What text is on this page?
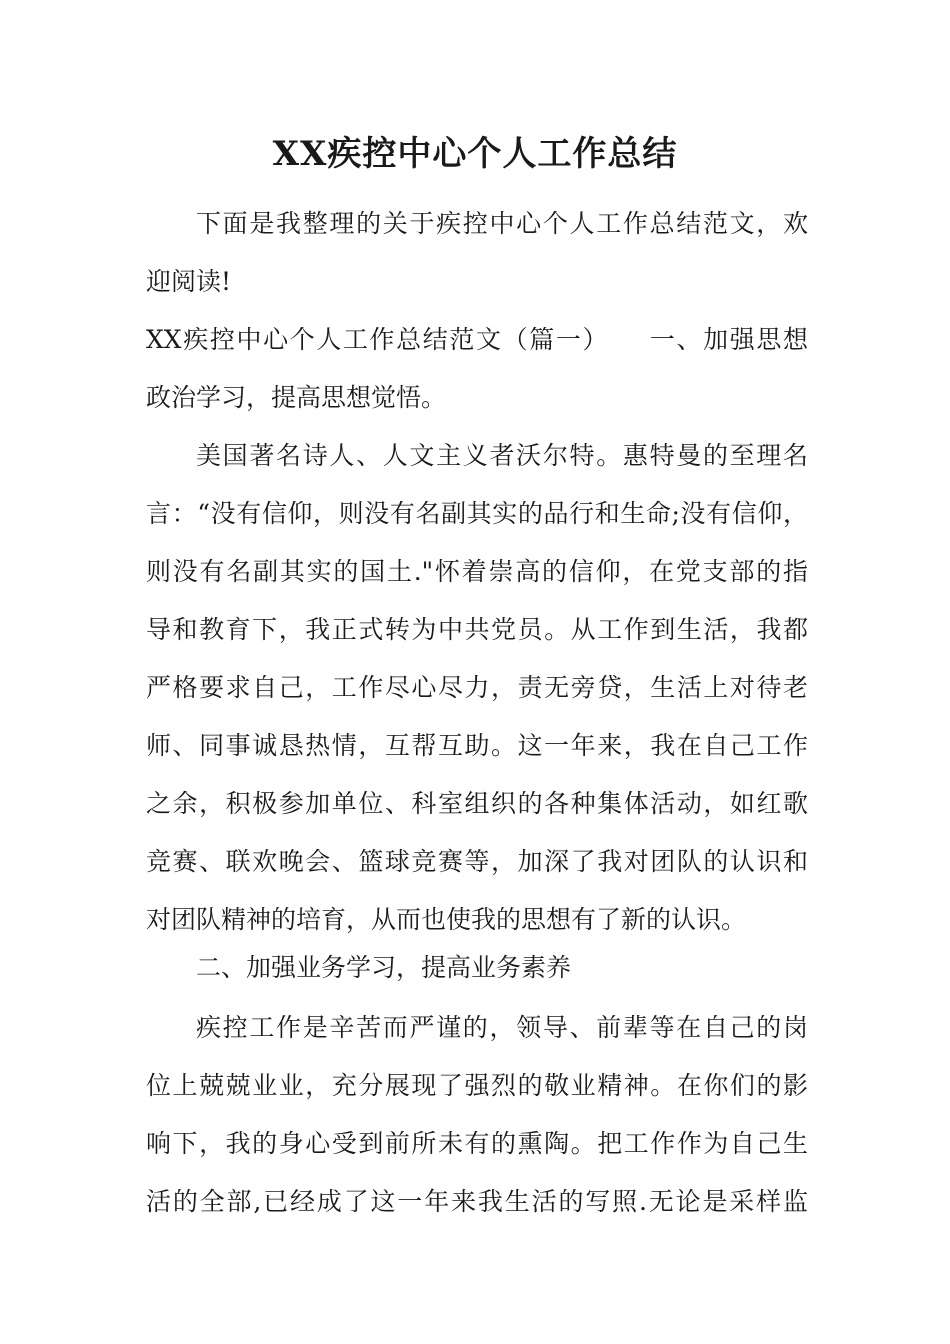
XX疾控中心个人工作总结
下面是我整理的关于疾控中心个人工作总结范文，欢
迎阅读!
XX疾控中心个人工作总结范文（篇一）　　一、加强思想
政治学习，提高思想觉悟。
美国著名诗人、人文主义者沃尔特。惠特曼的至理名
言：“没有信仰，则没有名副其实的品行和生命;没有信仰，
则没有名副其实的国土."怀着崇高的信仰，在党支部的指
导和教育下，我正式转为中共党员。从工作到生活，我都
严格要求自己，工作尽心尽力，责无旁贷，生活上对待老
师、同事诚恳热情，互帮互助。这一年来，我在自己工作
之余，积极参加单位、科室组织的各种集体活动，如红歌
竞赛、联欢晚会、篮球竞赛等，加深了我对团队的认识和
对团队精神的培育，从而也使我的思想有了新的认识。
二、加强业务学习，提高业务素养
疾控工作是辛苦而严谨的，领导、前辈等在自己的岗
位上兢兢业业，充分展现了强烈的敬业精神。在你们的影
响下，我的身心受到前所未有的熏陶。把工作作为自己生
活的全部,已经成了这一年来我生活的写照.无论是采样监
